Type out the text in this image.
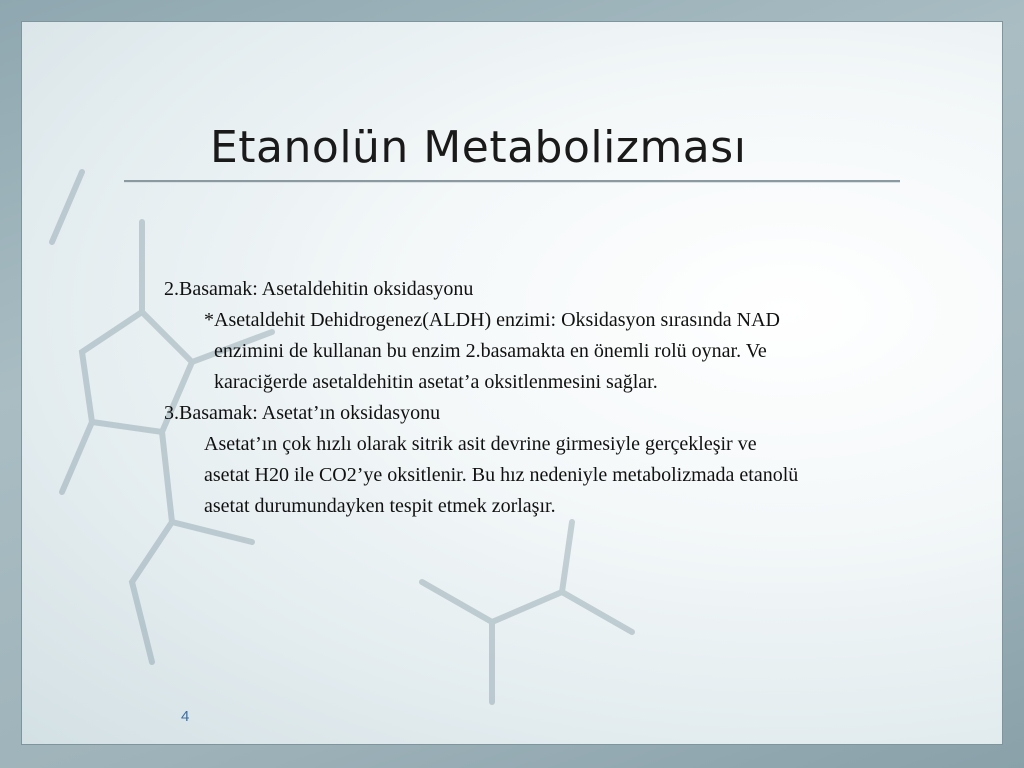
Etanolün Metabolizması

2.Basamak: Asetaldehitin oksidasyonu

*Asetaldehit Dehidrogenez(ALDH) enzimi: Oksidasyon sırasında NAD enzimini de kullanan bu enzim 2.basamakta en önemli rolü oynar. Ve karaciğerde asetaldehitin asetat’a oksitlenmesini sağlar.

3.Basamak: Asetat’ın oksidasyonu

Asetat’ın çok hızlı olarak sitrik asit devrine girmesiyle gerçekleşir ve asetat H20 ile CO2’ye oksitlenir. Bu hız nedeniyle metabolizmada etanolü asetat durumundayken tespit etmek zorlaşır.

4
